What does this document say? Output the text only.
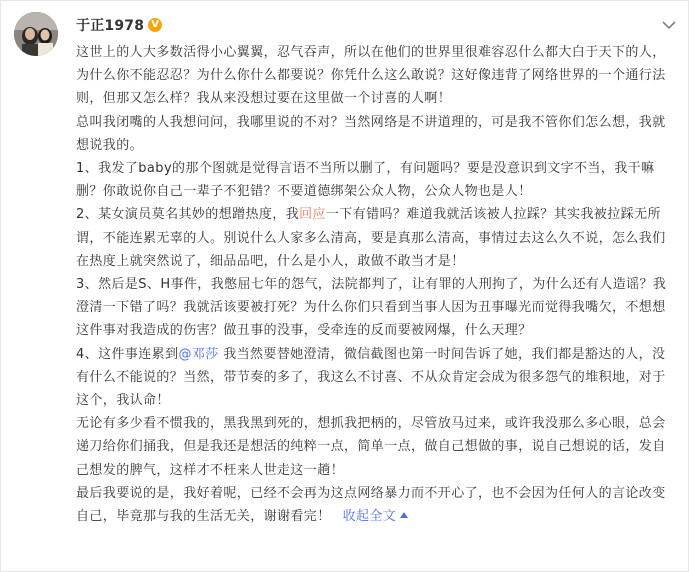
于正1978 V

这世上的人大多数活得小心翼翼，忍气吞声，所以在他们的世界里很难容忍什么都大白于天下的人，为什么你不能忍忍？为什么你什么都要说？你凭什么这么敢说？这好像违背了网络世界的一个通行法则，但那又怎么样？我从来没想过要在这里做一个讨喜的人啊！

总叫我闭嘴的人我想问问，我哪里说的不对？当然网络是不讲道理的，可是我不管你们怎么想，我就想说我的。

1、我发了baby的那个图就是觉得言语不当所以删了，有问题吗？要是没意识到文字不当，我干嘛删？你敢说你自己一辈子不犯错？不要道德绑架公众人物，公众人物也是人！

2、某女演员莫名其妙的想蹭热度，我回应一下有错吗？难道我就活该被人拉踩？其实我被拉踩无所谓，不能连累无辜的人。别说什么人家多么清高，要是真那么清高，事情过去这么久不说，怎么我们在热度上就突然说了，细品品吧，什么是小人，敢做不敢当才是！

3、然后是S、H事件，我憋屈七年的怨气，法院都判了，让有罪的人刑拘了，为什么还有人造谣？我澄清一下错了吗？我就活该要被打死？为什么你们只看到当事人因为丑事曝光而觉得我嘴欠，不想想这件事对我造成的伤害？做丑事的没事，受牵连的反而要被网爆，什么天理？

4、这件事连累到@邓莎 我当然要替她澄清，微信截图也第一时间告诉了她，我们都是豁达的人，没有什么不能说的？当然，带节奏的多了，我这么不讨喜、不从众肯定会成为很多怨气的堆积地，对于这个，我认命！

无论有多少看不惯我的，黑我黑到死的，想抓我把柄的，尽管放马过来，或许我没那么多心眼，总会递刀给你们捅我，但是我还是想活的纯粹一点，简单一点，做自己想做的事，说自己想说的话，发自己想发的脾气，这样才不枉来人世走这一趟！

最后我要说的是，我好着呢，已经不会再为这点网络暴力而不开心了，也不会因为任何人的言论改变自己，毕竟那与我的生活无关，谢谢看完！ 收起全文
